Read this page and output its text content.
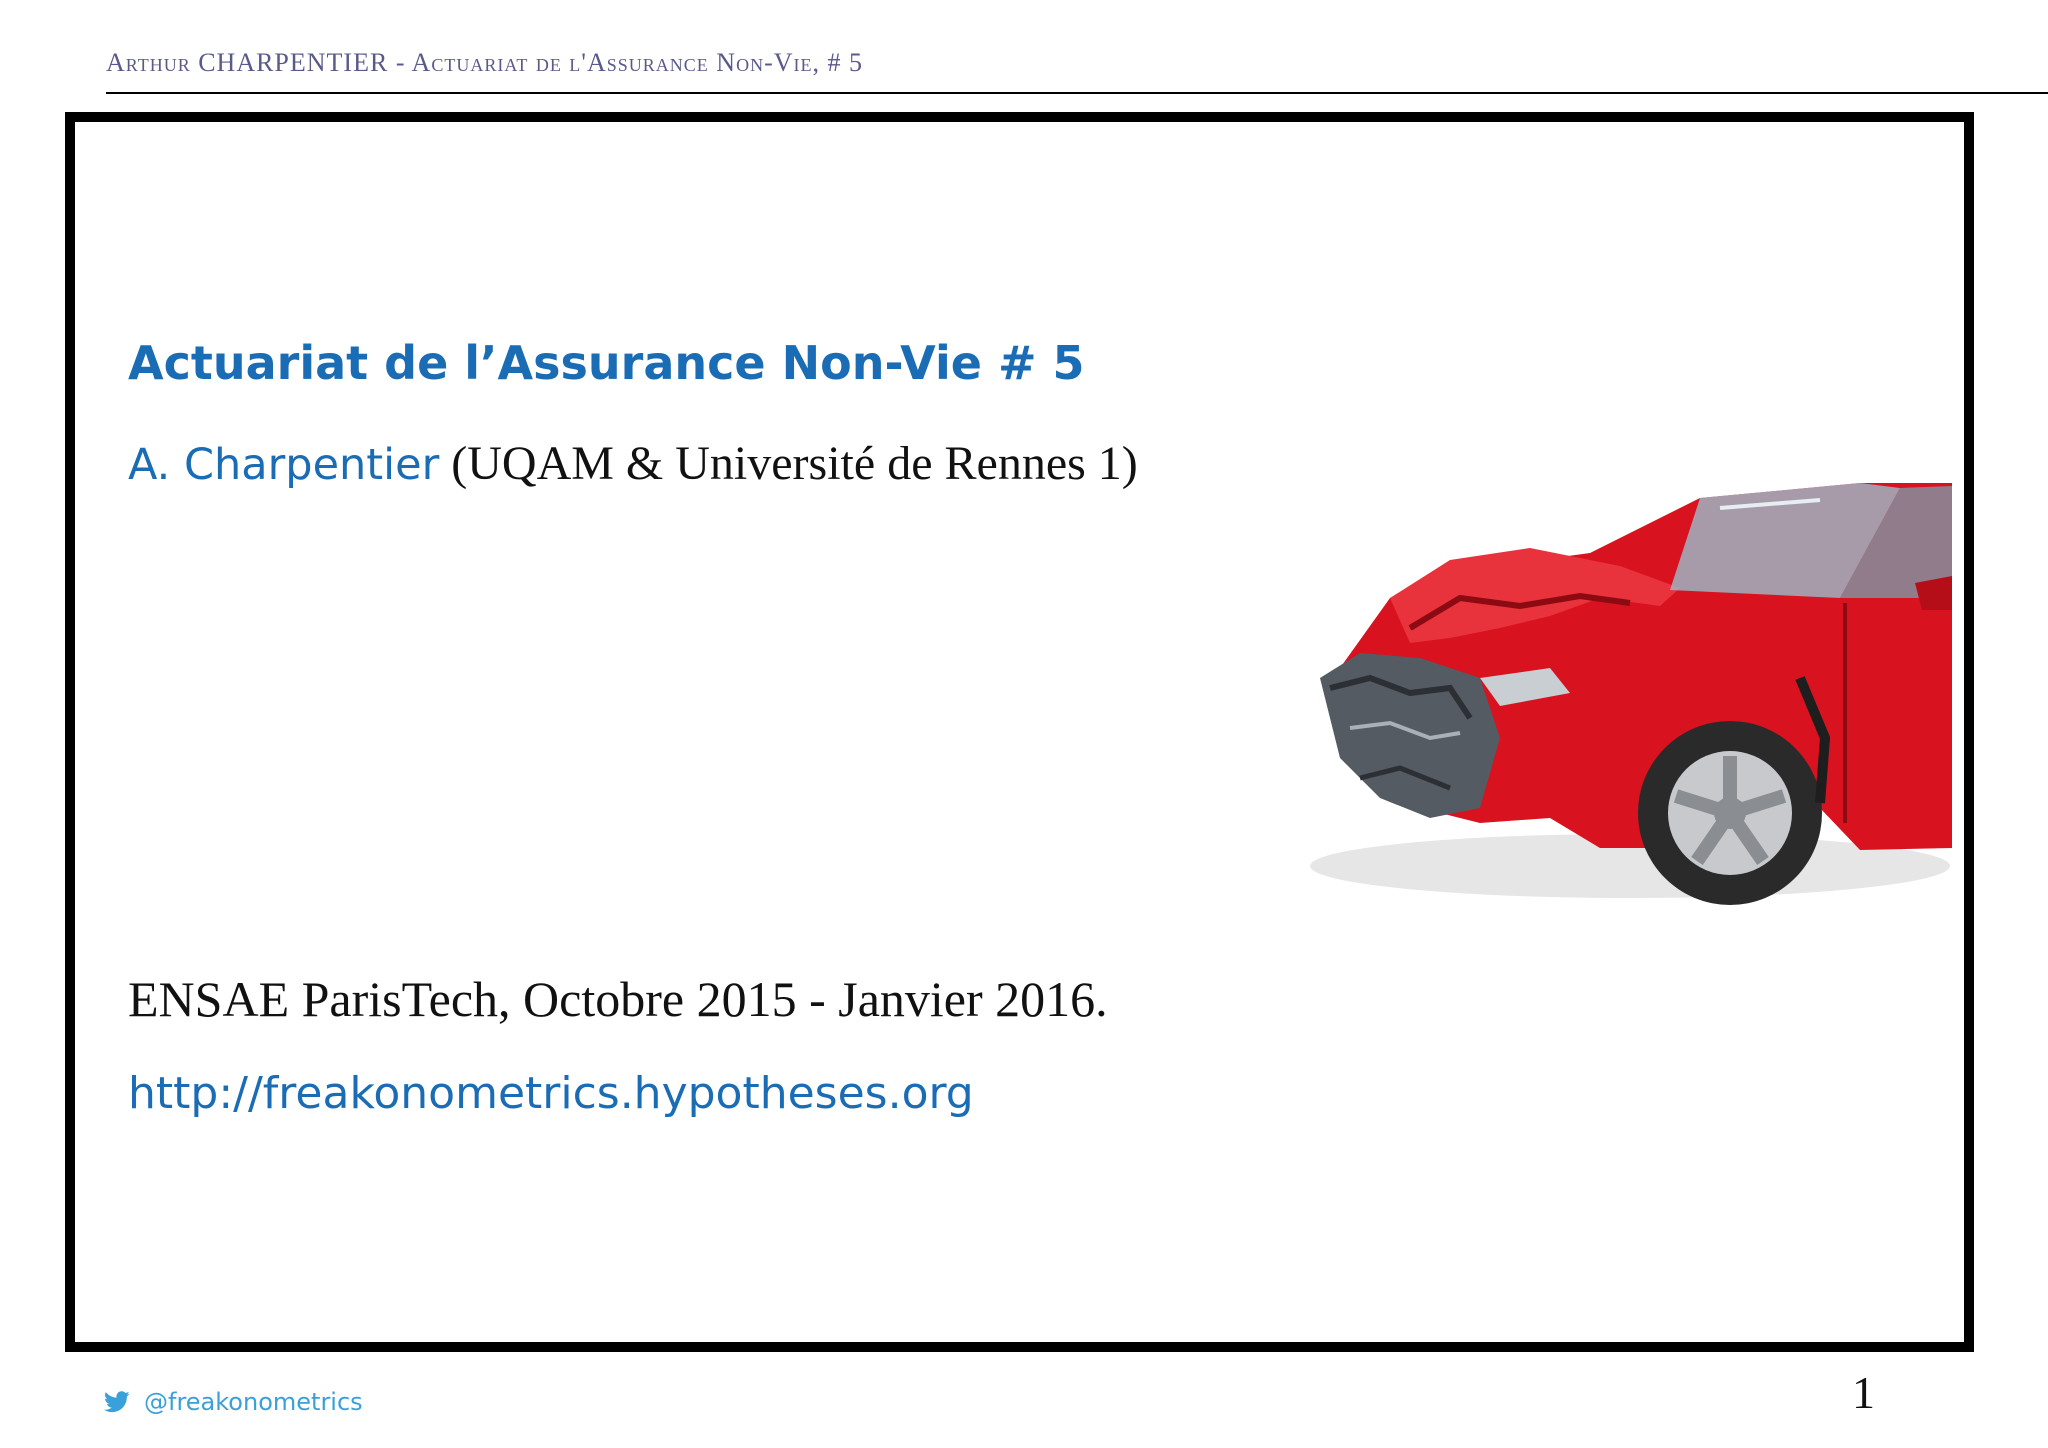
Arthur CHARPENTIER - Actuariat de l'Assurance Non-Vie, # 5
Actuariat de l’Assurance Non-Vie # 5
A. Charpentier (UQAM & Université de Rennes 1)
ENSAE ParisTech, Octobre 2015 - Janvier 2016.
http://freakonometrics.hypotheses.org
@freakonometrics	1
